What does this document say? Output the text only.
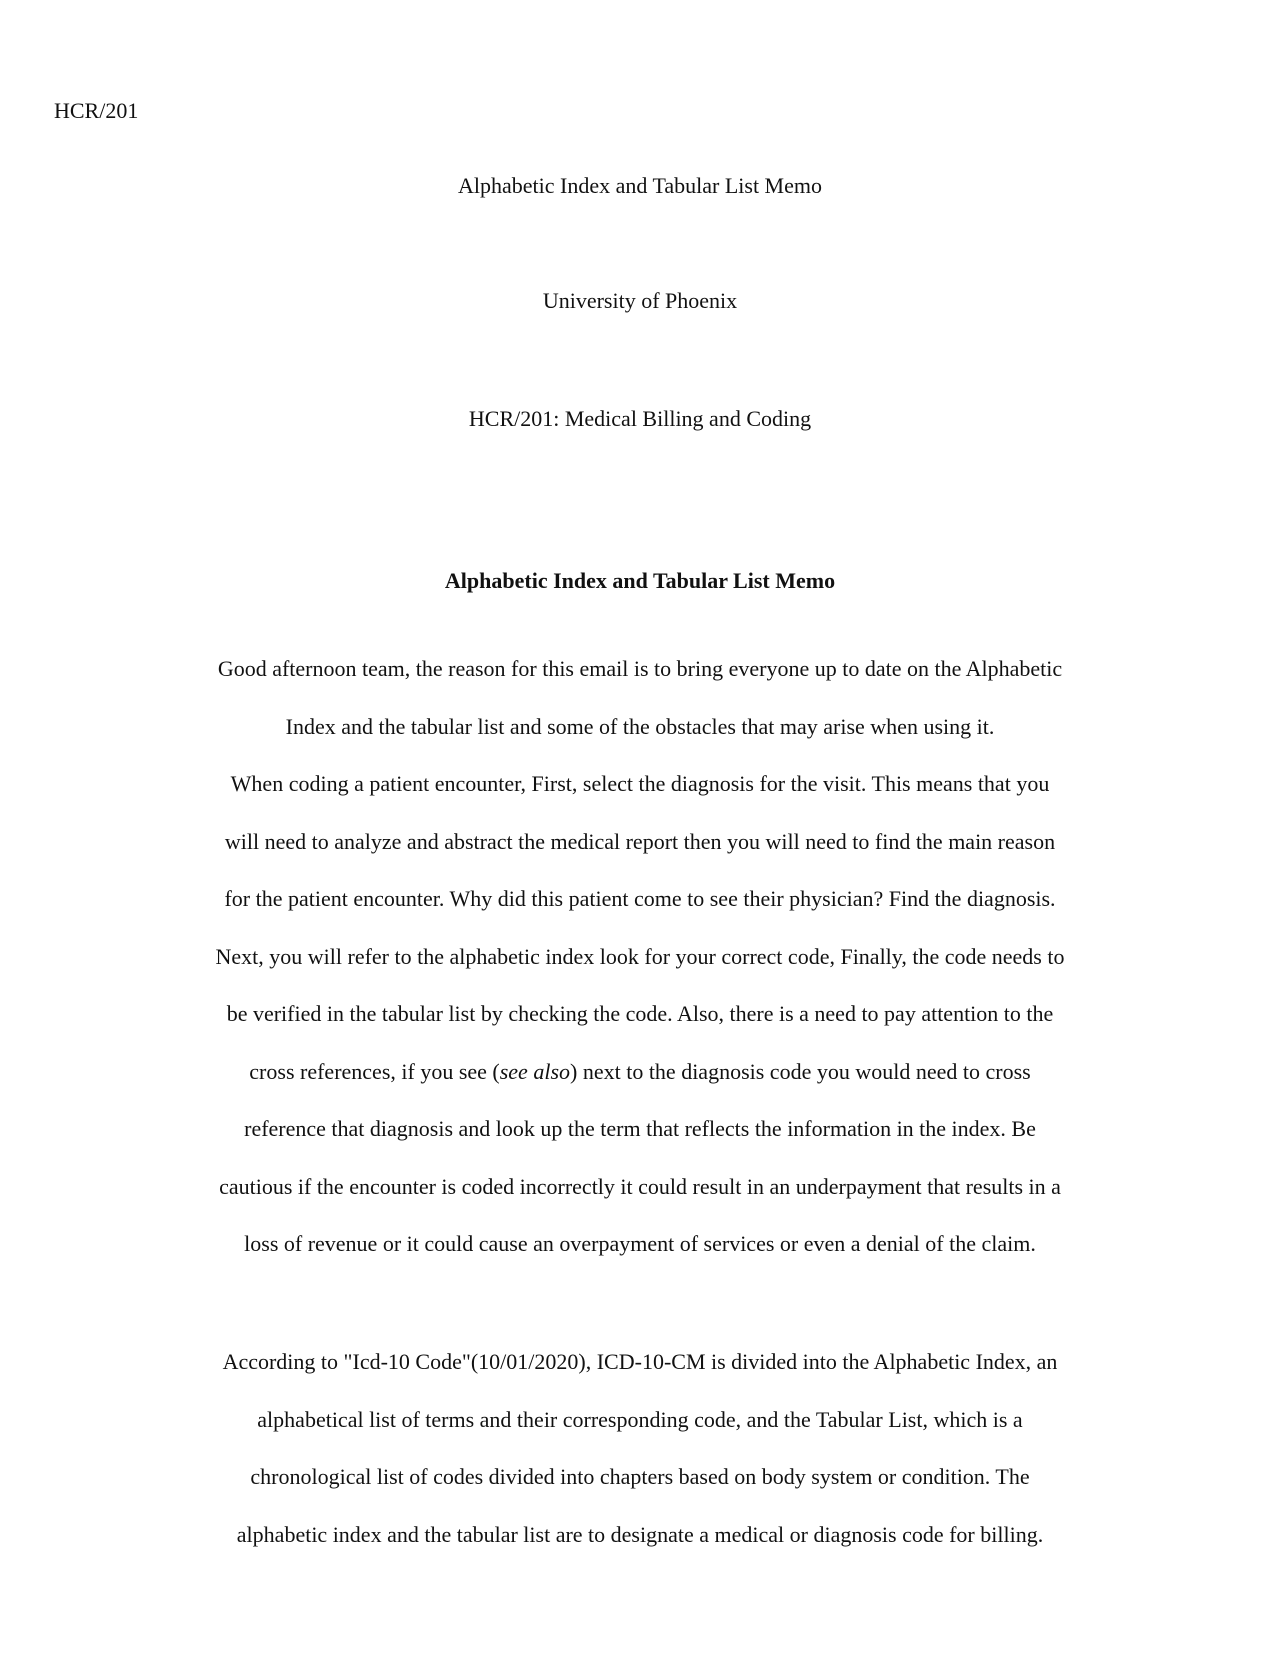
HCR/201

Alphabetic Index and Tabular List Memo

University of Phoenix

HCR/201: Medical Billing and Coding

Alphabetic Index and Tabular List Memo

Good afternoon team, the reason for this email is to bring everyone up to date on the Alphabetic
Index and the tabular list and some of the obstacles that may arise when using it.
When coding a patient encounter, First, select the diagnosis for the visit. This means that you
will need to analyze and abstract the medical report then you will need to find the main reason
for the patient encounter. Why did this patient come to see their physician? Find the diagnosis.
Next, you will refer to the alphabetic index look for your correct code, Finally, the code needs to
be verified in the tabular list by checking the code. Also, there is a need to pay attention to the
cross references, if you see (see also) next to the diagnosis code you would need to cross
reference that diagnosis and look up the term that reflects the information in the index. Be
cautious if the encounter is coded incorrectly it could result in an underpayment that results in a
loss of revenue or it could cause an overpayment of services or even a denial of the claim.

According to "Icd-10 Code"(10/01/2020), ICD-10-CM is divided into the Alphabetic Index, an
alphabetical list of terms and their corresponding code, and the Tabular List, which is a
chronological list of codes divided into chapters based on body system or condition. The
alphabetic index and the tabular list are to designate a medical or diagnosis code for billing.
